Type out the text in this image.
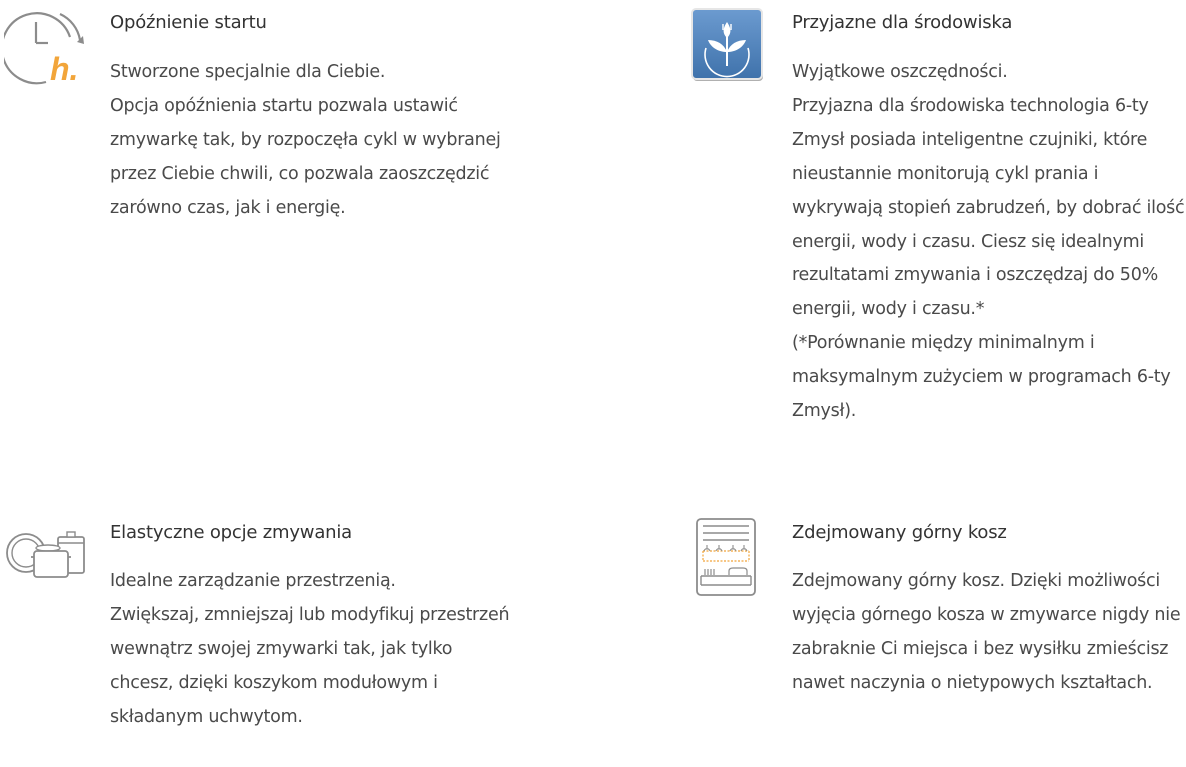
h.
Opóźnienie startu
Stworzone specjalnie dla Ciebie.
Opcja opóźnienia startu pozwala ustawić
zmywarkę tak, by rozpoczęła cykl w wybranej
przez Ciebie chwili, co pozwala zaoszczędzić
zarówno czas, jak i energię.
Przyjazne dla środowiska
Wyjątkowe oszczędności.
Przyjazna dla środowiska technologia 6-ty
Zmysł posiada inteligentne czujniki, które
nieustannie monitorują cykl prania i
wykrywają stopień zabrudzeń, by dobrać ilość
energii, wody i czasu. Ciesz się idealnymi
rezultatami zmywania i oszczędzaj do 50%
energii, wody i czasu.*
(*Porównanie między minimalnym i
maksymalnym zużyciem w programach 6-ty
Zmysł).
Elastyczne opcje zmywania
Idealne zarządzanie przestrzenią.
Zwiększaj, zmniejszaj lub modyfikuj przestrzeń
wewnątrz swojej zmywarki tak, jak tylko
chcesz, dzięki koszykom modułowym i
składanym uchwytom.
Zdejmowany górny kosz
Zdejmowany górny kosz. Dzięki możliwości
wyjęcia górnego kosza w zmywarce nigdy nie
zabraknie Ci miejsca i bez wysiłku zmieścisz
nawet naczynia o nietypowych kształtach.
